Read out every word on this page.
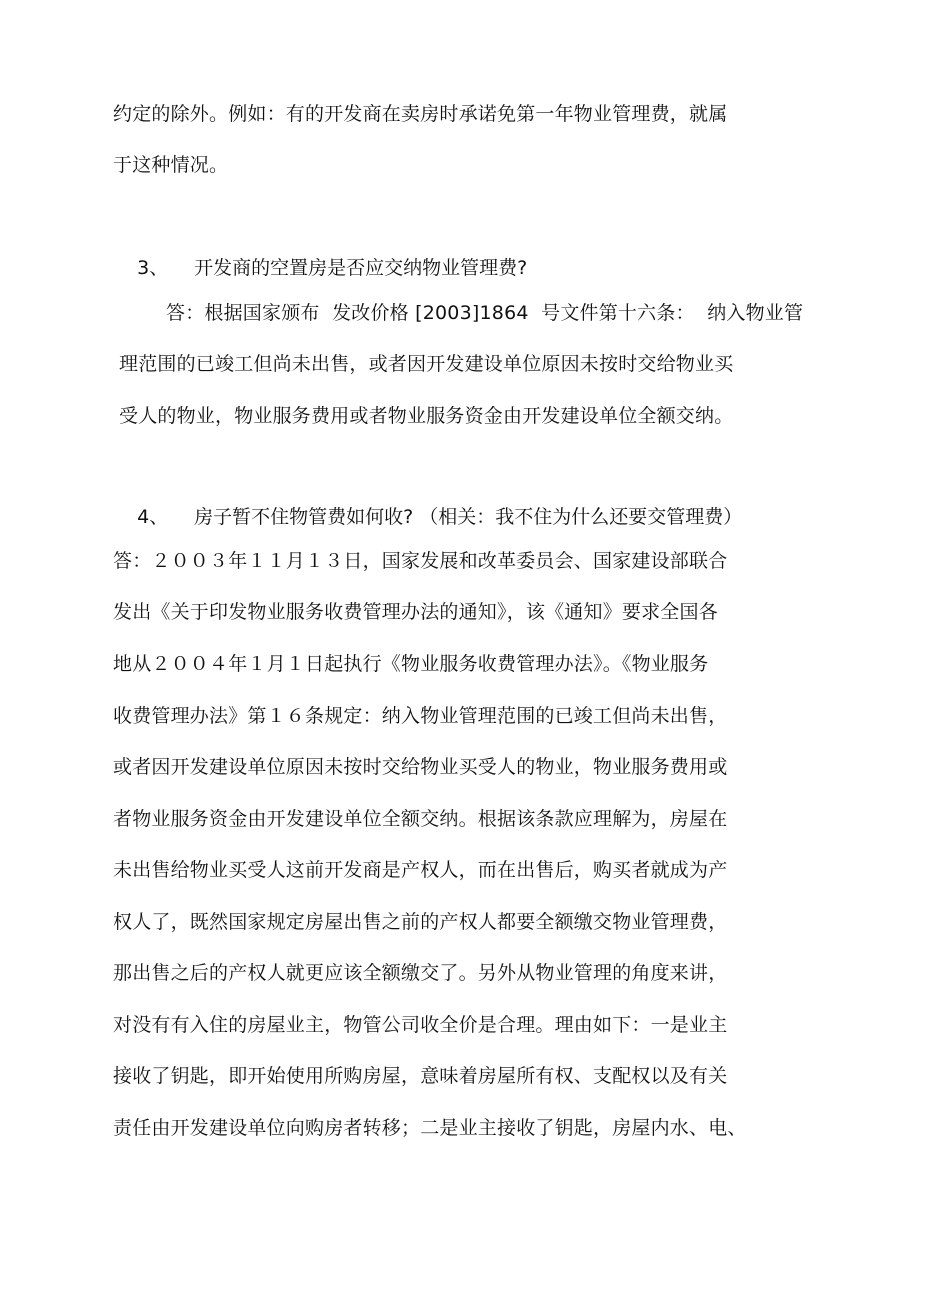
约定的除外。例如：有的开发商在卖房时承诺免第一年物业管理费，就属
于这种情况。

3、 开发商的空置房是否应交纳物业管理费?

答：根据国家颁布  发改价格 [2003]1864  号文件第十六条：  纳入物业管
理范围的已竣工但尚未出售，或者因开发建设单位原因未按时交给物业买
受人的物业，物业服务费用或者物业服务资金由开发建设单位全额交纳。

4、 房子暂不住物管费如何收? （相关：我不住为什么还要交管理费）

答：２００３年１１月１３日，国家发展和改革委员会、国家建设部联合
发出《关于印发物业服务收费管理办法的通知》，该《通知》要求全国各
地从２００４年１月１日起执行《物业服务收费管理办法》。《物业服务
收费管理办法》第１６条规定：纳入物业管理范围的已竣工但尚未出售，
或者因开发建设单位原因未按时交给物业买受人的物业，物业服务费用或
者物业服务资金由开发建设单位全额交纳。根据该条款应理解为，房屋在
未出售给物业买受人这前开发商是产权人，而在出售后，购买者就成为产
权人了，既然国家规定房屋出售之前的产权人都要全额缴交物业管理费，
那出售之后的产权人就更应该全额缴交了。另外从物业管理的角度来讲，
对没有有入住的房屋业主，物管公司收全价是合理。理由如下：一是业主
接收了钥匙，即开始使用所购房屋，意味着房屋所有权、支配权以及有关
责任由开发建设单位向购房者转移；二是业主接收了钥匙，房屋内水、电、
